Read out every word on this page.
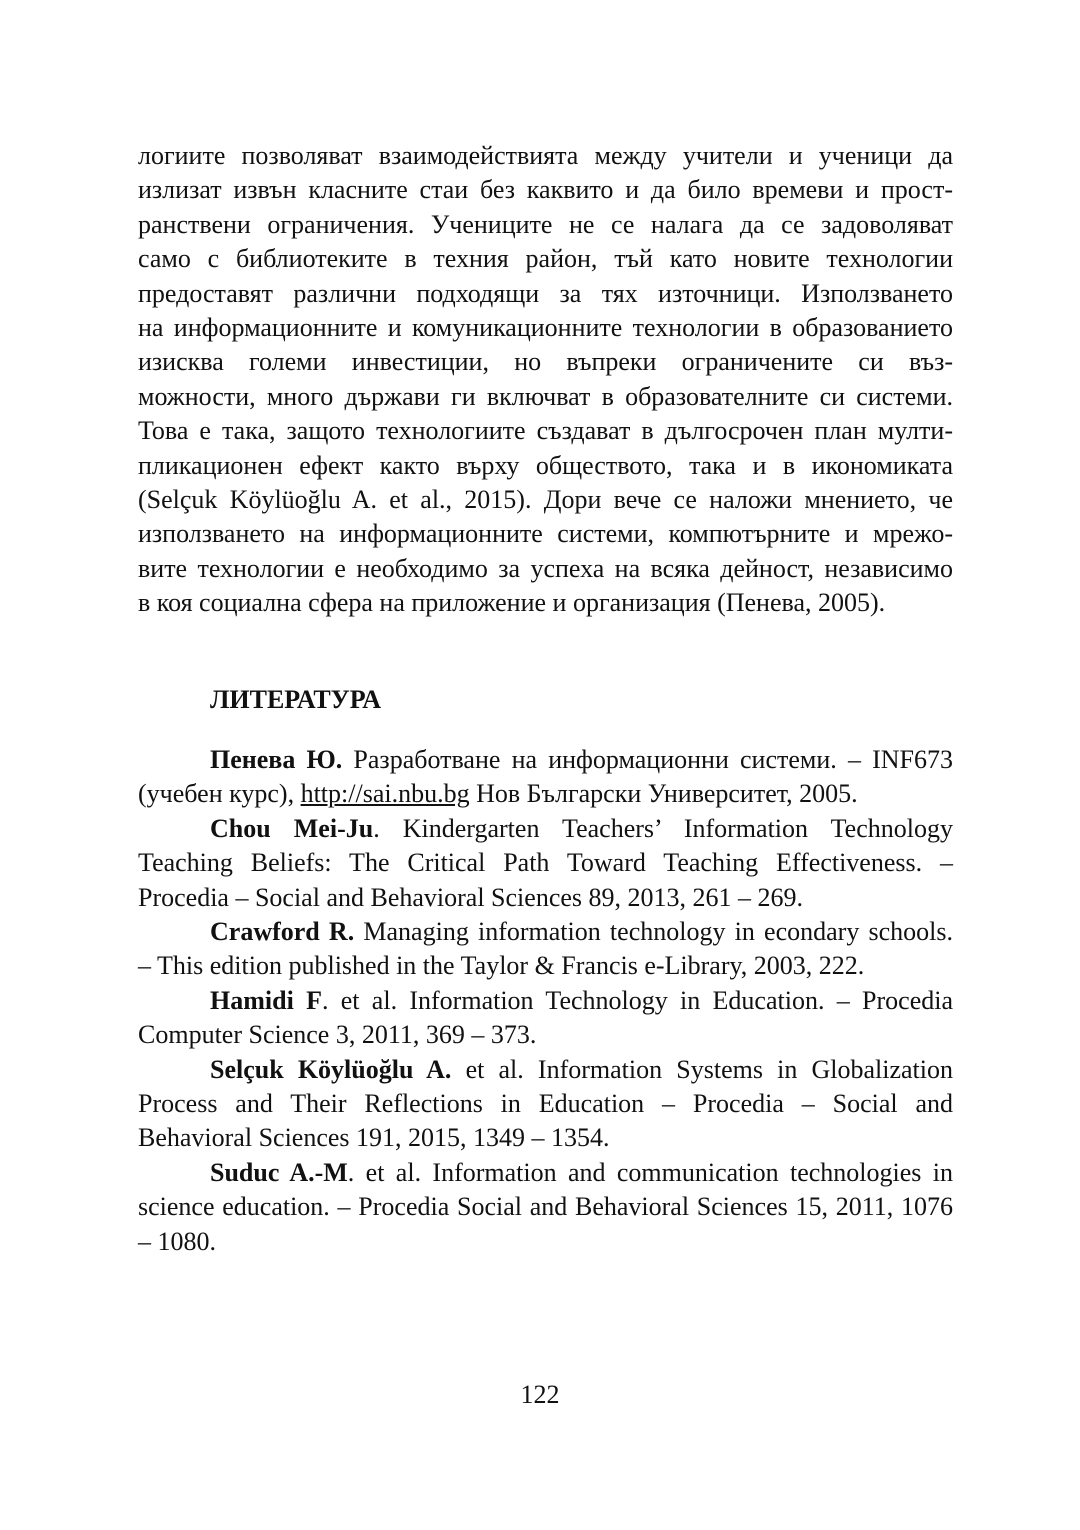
логиите позволяват взаимодействията между учители и ученици да
излизат извън класните стаи без каквито и да било времеви и прост-
ранствени ограничения. Учениците не се налага да се задоволяват
само с библиотеките в техния район, тъй като новите технологии
предоставят различни подходящи за тях източници. Използването
на информационните и комуникационните технологии в образованието
изисква големи инвестиции, но въпреки ограничените си въз-
можности, много държави ги включват в образователните си системи.
Това е така, защото технологиите създават в дългосрочен план мулти-
пликационен ефект както върху обществото, така и в икономиката
(Selçuk Köylüoğlu A. et al., 2015). Дори вече се наложи мнението, че
използването на информационните системи, компютърните и мрежо-
вите технологии е необходимо за успеха на всяка дейност, независимо
в коя социална сфера на приложение и организация (Пенева, 2005).
ЛИТЕРАТУРА

Пенева Ю. Разработване на информационни системи. – INF673 (учебен курс), http://sai.nbu.bg Нов Български Университет, 2005.

Chou Mei-Ju. Kindergarten Teachers’ Information Technology Teaching Beliefs: The Critical Path Toward Teaching Effectiveness. – Procedia – Social and Behavioral Sciences 89, 2013, 261 – 269.

Crawford R. Managing information technology in econdary schools. – This edition published in the Taylor & Francis e-Library, 2003, 222.

Hamidi F. et al. Information Technology in Education. – Procedia Computer Science 3, 2011, 369 – 373.

Selçuk Köylüoğlu A. et al. Information Systems in Globalization Process and Their Reflections in Education – Procedia – Social and Behavioral Sciences 191, 2015, 1349 – 1354.

Suduc A.-M. et al. Information and communication technologies in science education. – Procedia Social and Behavioral Sciences 15, 2011, 1076 – 1080.

122
